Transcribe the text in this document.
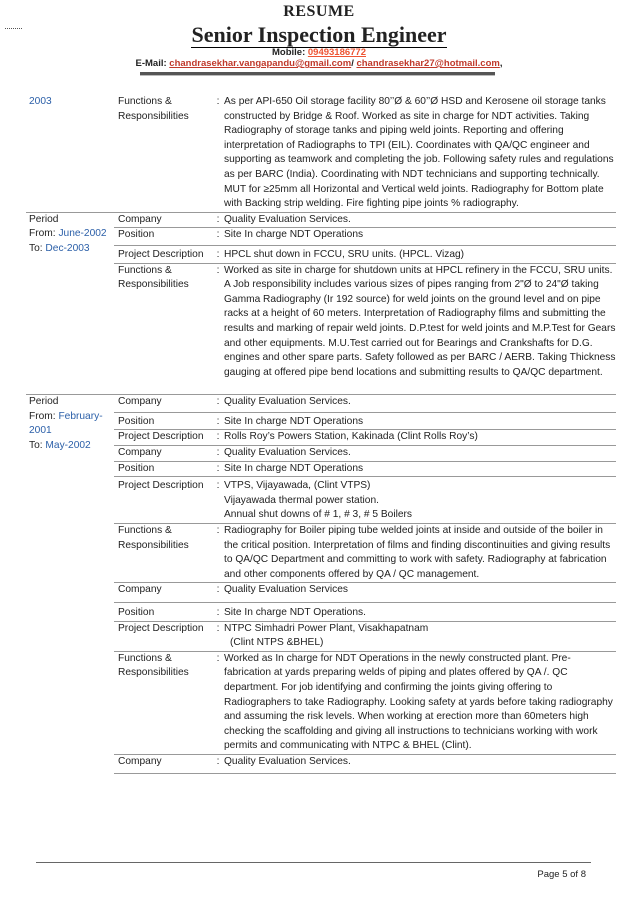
RESUME
Senior Inspection Engineer
Mobile: 09493186772
E-Mail: chandrasekhar.vangapandu@gmail.com/ chandrasekhar27@hotmail.com,
2003	Functions & Responsibilities
: As per API-650 Oil storage facility 80’’Ø & 60’’Ø HSD and Kerosene oil storage tanks constructed by Bridge & Roof. Worked as site in charge for NDT activities. Taking Radiography of storage tanks and piping weld joints. Reporting and offering interpretation of Radiographs to TPI (EIL). Coordinates with QA/QC engineer and supporting as teamwork and completing the job. Following safety rules and regulations as per BARC (India). Coordinating with NDT technicians and supporting technically. MUT for ≥25mm all Horizontal and Vertical weld joints. Radiography for Bottom plate with Backing strip welding. Fire fighting pipe joints % radiography.
Period
From: June-2002
To: Dec-2003
Company	: Quality Evaluation Services.
Position	: Site In charge NDT Operations
Project Description	: HPCL shut down in FCCU, SRU units. (HPCL. Vizag)
Functions & Responsibilities
: Worked as site in charge for shutdown units at HPCL refinery in the FCCU, SRU units. A Job responsibility includes various sizes of pipes ranging from 2"Ø to 24"Ø taking Gamma Radiography (Ir 192 source) for weld joints on the ground level and on pipe racks at a height of 60 meters. Interpretation of Radiography films and submitting the results and marking of repair weld joints. D.P.test for weld joints and M.P.Test for Gears and other equipments. M.U.Test carried out for Bearings and Crankshafts for D.G. engines and other spare parts. Safety followed as per BARC / AERB. Taking Thickness gauging at offered pipe bend locations and submitting results to QA/QC department.
Period
From: February-2001
To: May-2002
Company	: Quality Evaluation Services.
Position	: Site In charge NDT Operations
Project Description	: Rolls Roy’s Powers Station, Kakinada (Clint Rolls Roy’s)
Company	: Quality Evaluation Services.
Position	: Site In charge NDT Operations
Project Description	: VTPS, Vijayawada, (Clint VTPS)
Vijayawada thermal power station.
Annual shut downs of # 1, # 3, # 5 Boilers
Functions & Responsibilities
: Radiography for Boiler piping tube welded joints at inside and outside of the boiler in the critical position. Interpretation of films and finding discontinuities and giving results to QA/QC Department and committing to work with safety. Radiography at fabrication and other components offered by QA / QC management.
Company	: Quality Evaluation Services
Position	: Site In charge NDT Operations.
Project Description	: NTPC Simhadri Power Plant, Visakhapatnam
(Clint NTPS &BHEL)
Functions & Responsibilities
: Worked as In charge for NDT Operations in the newly constructed plant. Pre-fabrication at yards preparing welds of piping and plates offered by QA /. QC department. For job identifying and confirming the joints giving offering to Radiographers to take Radiography. Looking safety at yards before taking radiography and assuming the risk levels. When working at erection more than 60meters high checking the scaffolding and giving all instructions to technicians working with work permits and communicating with NTPC & BHEL (Clint).
Company	: Quality Evaluation Services.
Page 5 of 8
